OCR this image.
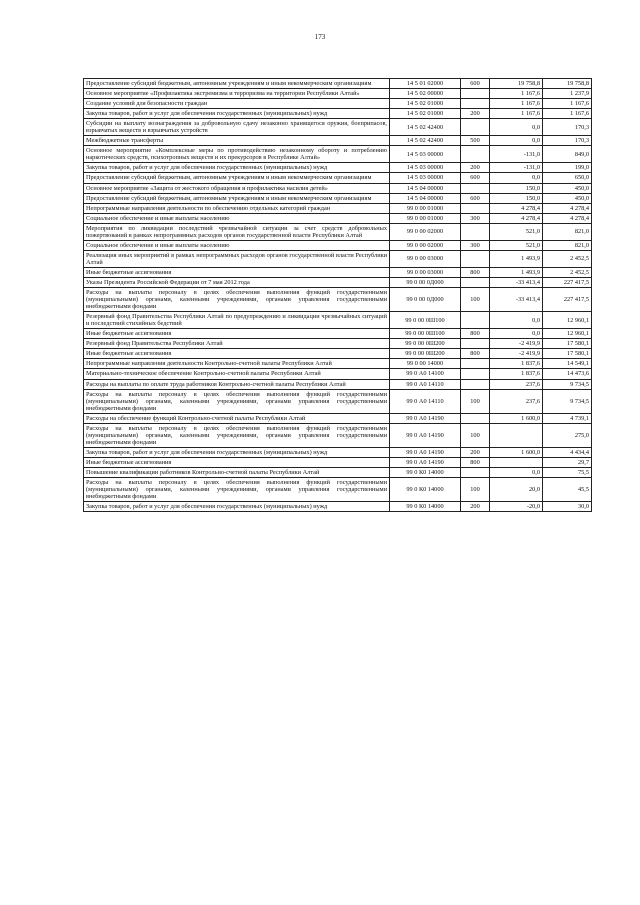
173
Предоставление субсидий бюджетным, автономным учреждениям и иным некоммерческим организациям	14 5 01 02000	600	19 758,8	19 758,8
Основное мероприятие «Профилактика экстремизма и терроризма на территории Республики Алтай»	14 5 02 00000		1 167,6	1 237,9
Создание условий для безопасности граждан	14 5 02 01000		1 167,6	1 167,6
Закупка товаров, работ и услуг для обеспечения государственных (муниципальных) нужд	14 5 02 01000	200	1 167,6	1 167,6
Субсидии на выплату вознаграждения за добровольную сдачу незаконно хранящегося оружия, боеприпасов, взрывчатых веществ и взрывчатых устройств	14 5 02 42400		0,0	170,3
Межбюджетные трансферты	14 5 02 42400	500	0,0	170,3
Основное мероприятие «Комплексные меры по противодействию незаконному обороту и потреблению наркотических средств, психотропных веществ и их прекурсоров в Республике Алтай»	14 5 03 00000		-131,0	849,0
Закупка товаров, работ и услуг для обеспечения государственных (муниципальных) нужд	14 5 03 00000	200	-131,0	199,0
Предоставление субсидий бюджетным, автономным учреждениям и иным некоммерческим организациям	14 5 03 00000	600	0,0	650,0
Основное мероприятие «Защита от жестокого обращения и профилактика насилия детей»	14 5 04 00000		150,0	450,0
Предоставление субсидий бюджетным, автономным учреждениям и иным некоммерческим организациям	14 5 04 00000	600	150,0	450,0
Непрограммные направления деятельности по обеспечению отдельных категорий граждан	99 0 00 01000		4 278,4	4 278,4
Социальное обеспечение и иные выплаты населению	99 0 00 01000	300	4 278,4	4 278,4
Мероприятия по ликвидации последствий чрезвычайной ситуации за счет средств добровольных пожертвований в рамках непрограммных расходов органов государственной власти Республики Алтай	99 0 00 02000		521,0	821,0
Социальное обеспечение и иные выплаты населению	99 0 00 02000	300	521,0	821,0
Реализация иных мероприятий в рамках непрограммных расходов органов государственной власти Республики Алтай	99 0 00 03000		1 493,9	2 452,5
Иные бюджетные ассигнования	99 0 00 03000	800	1 493,9	2 452,5
Указы Президента Российской Федерации от 7 мая 2012 года	99 0 00 0Д000		-33 413,4	227 417,5
Расходы на выплаты персоналу в целях обеспечения выполнения функций государственными (муниципальными) органами, казенными учреждениями, органами управления государственными внебюджетными фондами	99 0 00 0Д000	100	-33 413,4	227 417,5
Резервный фонд Правительства Республики Алтай по предупреждению и ликвидации чрезвычайных ситуаций и последствий стихийных бедствий	99 0 00 0Ш100		0,0	12 960,1
Иные бюджетные ассигнования	99 0 00 0Ш100	800	0,0	12 960,1
Резервный фонд Правительства Республики Алтай	99 0 00 0Ш200		-2 419,9	17 580,1
Иные бюджетные ассигнования	99 0 00 0Ш200	800	-2 419,9	17 580,1
Непрограммные направления деятельности Контрольно-счетной палаты Республики Алтай	99 0 00 14000		1 837,6	14 549,1
Материально-техническое обеспечение Контрольно-счетной палаты Республики Алтай	99 0 А0 14100		1 837,6	14 473,6
Расходы на выплаты по оплате труда работников Контрольно-счетной палаты Республики Алтай	99 0 А0 14110		237,6	9 734,5
Расходы на выплаты персоналу в целях обеспечения выполнения функций государственными (муниципальными) органами, казенными учреждениями, органами управления государственными внебюджетными фондами	99 0 А0 14110	100	237,6	9 734,5
Расходы на обеспечение функций Контрольно-счетной палаты Республики Алтай	99 0 А0 14190		1 600,0	4 739,1
Расходы на выплаты персоналу в целях обеспечения выполнения функций государственными (муниципальными) органами, казенными учреждениями, органами управления государственными внебюджетными фондами	99 0 А0 14190	100		275,0
Закупка товаров, работ и услуг для обеспечения государственных (муниципальных) нужд	99 0 А0 14190	200	1 600,0	4 434,4
Иные бюджетные ассигнования	99 0 А0 14190	800		29,7
Повышение квалификации работников Контрольно-счетной палаты Республики Алтай	99 0 К0 14000		0,0	75,5
Расходы на выплаты персоналу в целях обеспечения выполнения функций государственными (муниципальными) органами, казенными учреждениями, органами управления государственными внебюджетными фондами	99 0 К0 14000	100	20,0	45,5
Закупка товаров, работ и услуг для обеспечения государственных (муниципальных) нужд	99 0 К0 14000	200	-20,0	30,0
